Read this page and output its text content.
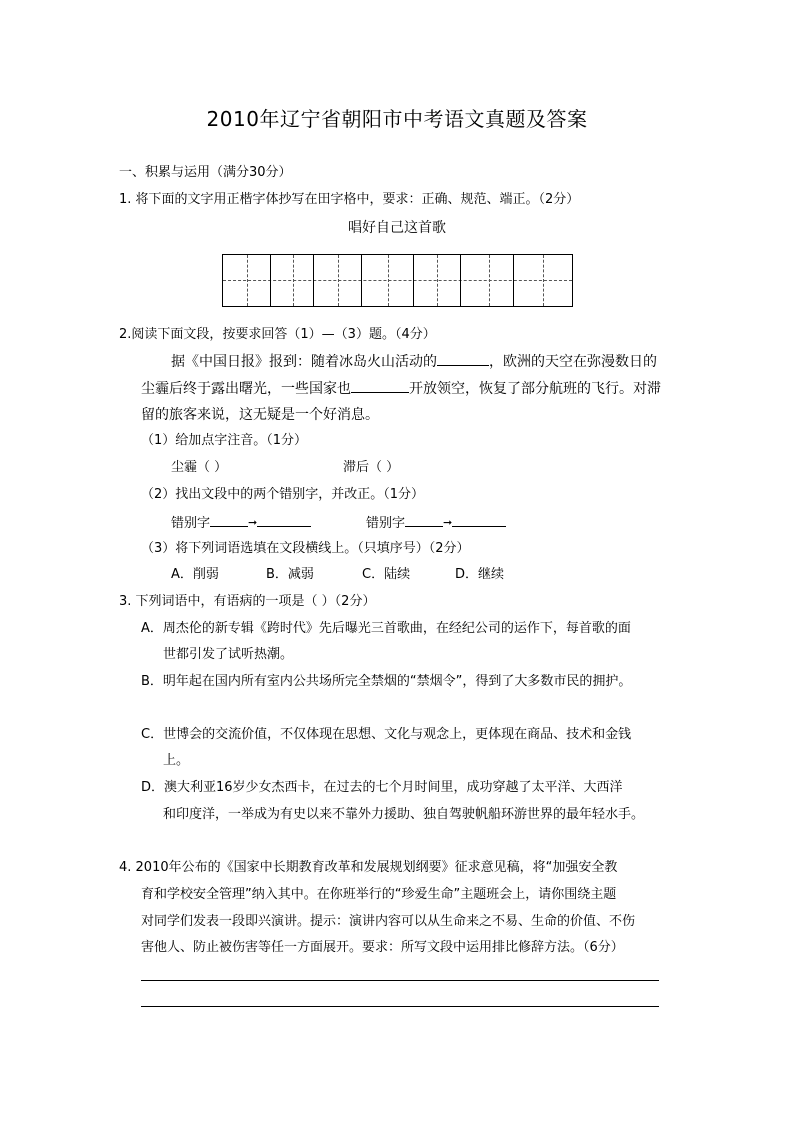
2010年辽宁省朝阳市中考语文真题及答案
一、积累与运用（满分30分）
1. 将下面的文字用正楷字体抄写在田字格中，要求：正确、规范、端正。（2分）
唱好自己这首歌
2.阅读下面文段，按要求回答（1）—（3）题。（4分）
据《中国日报》报到：随着冰岛火山活动的	，欧洲的天空在弥漫数日的
尘霾后终于露出曙光，一些国家也	开放领空，恢复了部分航班的飞行。对滞
留的旅客来说，这无疑是一个好消息。
（1）给加点字注音。（1分）
尘霾（ ）	滞后（ ）
（2）找出文段中的两个错别字，并改正。（1分）
错别字	➞	错别字	➞
（3）将下列词语选填在文段横线上。（只填序号）（2分）
A．削弱	B．减弱	C．陆续	D．继续
3. 下列词语中，有语病的一项是（ ）（2分）
A．周杰伦的新专辑《跨时代》先后曝光三首歌曲，在经纪公司的运作下，每首歌的面
世都引发了试听热潮。
B．明年起在国内所有室内公共场所完全禁烟的“禁烟令”，得到了大多数市民的拥护。
C．世博会的交流价值，不仅体现在思想、文化与观念上，更体现在商品、技术和金钱
上。
D．澳大利亚16岁少女杰西卡，在过去的七个月时间里，成功穿越了太平洋、大西洋
和印度洋，一举成为有史以来不靠外力援助、独自驾驶帆船环游世界的最年轻水手。
4. 2010年公布的《国家中长期教育改革和发展规划纲要》征求意见稿，将“加强安全教
育和学校安全管理”纳入其中。在你班举行的“珍爱生命”主题班会上，请你围绕主题
对同学们发表一段即兴演讲。提示：演讲内容可以从生命来之不易、生命的价值、不伤
害他人、防止被伤害等任一方面展开。要求：所写文段中运用排比修辞方法。（6分）
